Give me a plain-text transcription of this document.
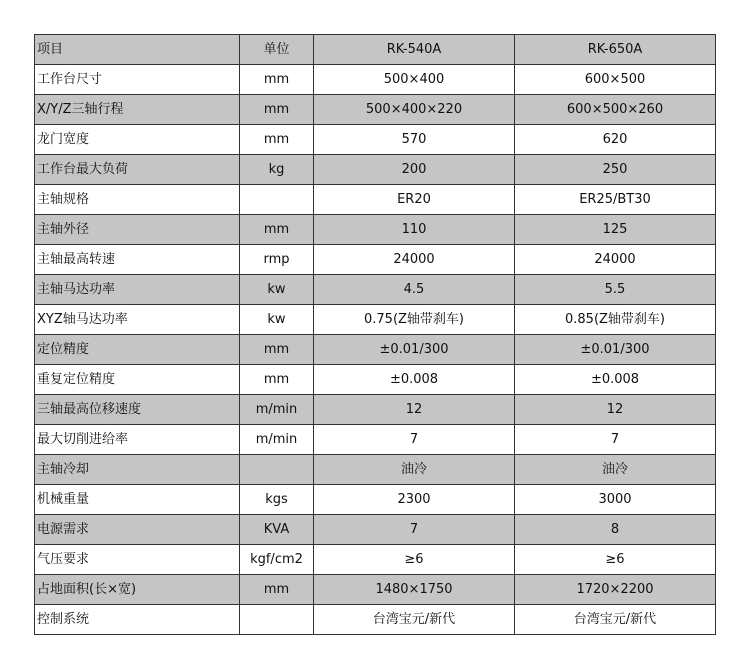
项目	单位	RK-540A	RK-650A
工作台尺寸	mm	500×400	600×500
X/Y/Z三轴行程	mm	500×400×220	600×500×260
龙门宽度	mm	570	620
工作台最大负荷	kg	200	250
主轴规格		ER20	ER25/BT30
主轴外径	mm	110	125
主轴最高转速	rmp	24000	24000
主轴马达功率	kw	4.5	5.5
XYZ轴马达功率	kw	0.75(Z轴带刹车)	0.85(Z轴带刹车)
定位精度	mm	±0.01/300	±0.01/300
重复定位精度	mm	±0.008	±0.008
三轴最高位移速度	m/min	12	12
最大切削进给率	m/min	7	7
主轴冷却		油冷	油冷
机械重量	kgs	2300	3000
电源需求	KVA	7	8
气压要求	kgf/cm2	≥6	≥6
占地面积(长×宽)	mm	1480×1750	1720×2200
控制系统		台湾宝元/新代	台湾宝元/新代
